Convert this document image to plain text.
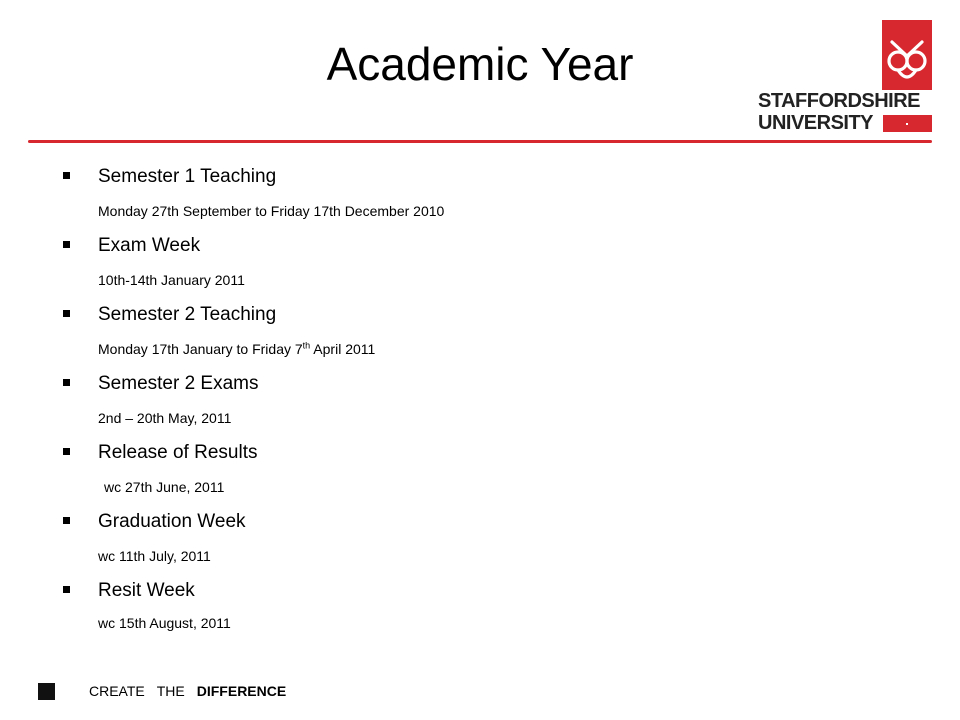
Academic Year
STAFFORDSHIRE
UNIVERSITY
Semester 1 Teaching
Monday 27th September to Friday 17th December 2010
Exam Week
10th-14th January 2011
Semester 2 Teaching
Monday 17th January to Friday 7th April 2011
Semester 2 Exams
2nd – 20th May, 2011
Release of Results
wc 27th June, 2011
Graduation Week
wc 11th July, 2011
Resit Week
wc 15th August, 2011
CREATE THE DIFFERENCE
